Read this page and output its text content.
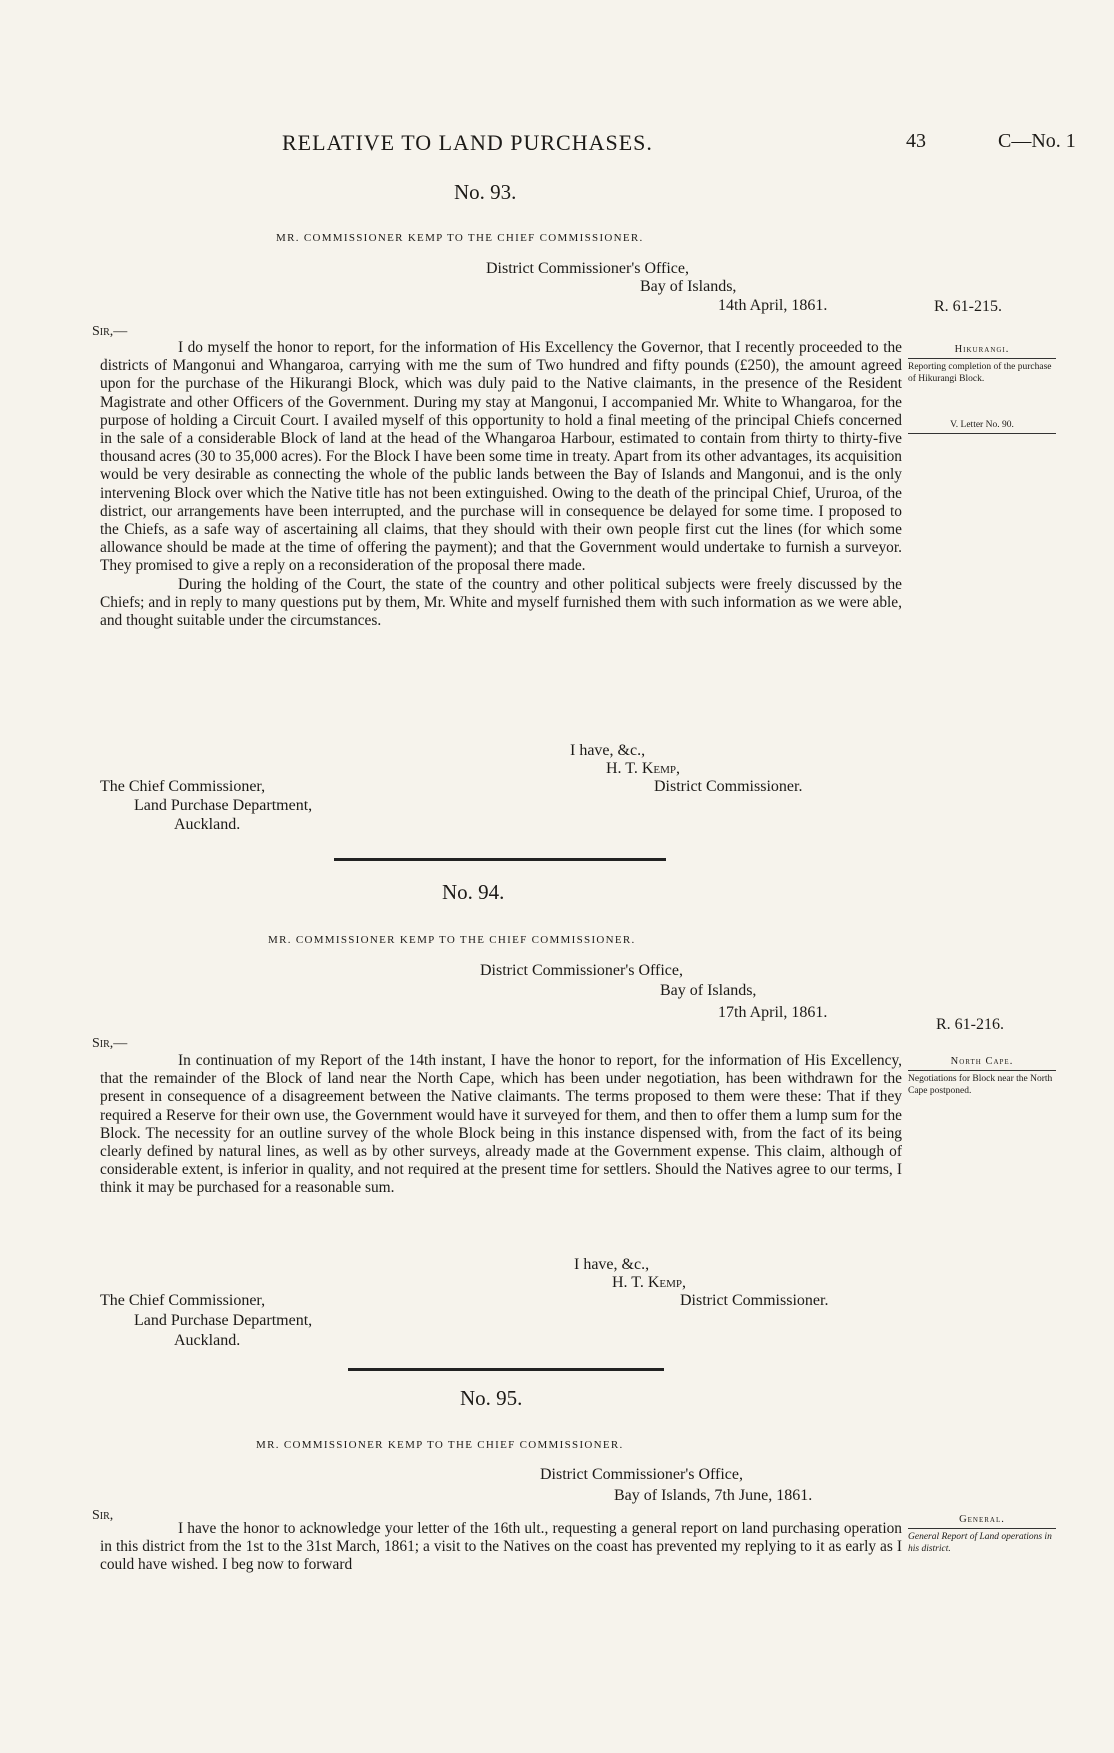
RELATIVE TO LAND PURCHASES.	43	C—No. 1
No. 93.
MR. COMMISSIONER KEMP TO THE CHIEF COMMISSIONER.
District Commissioner's Office,
Bay of Islands,
14th April, 1861.	R. 61-215.
Sir,—

I do myself the honor to report, for the information of His Excellency the Governor, that I recently proceeded to the districts of Mangonui and Whangaroa, carrying with me the sum of Two hundred and fifty pounds (£250), the amount agreed upon for the purchase of the Hikurangi Block, which was duly paid to the Native claimants, in the presence of the Resident Magistrate and other Officers of the Government. During my stay at Mangonui, I accompanied Mr. White to Whangaroa, for the purpose of holding a Circuit Court. I availed myself of this opportunity to hold a final meeting of the principal Chiefs concerned in the sale of a considerable Block of land at the head of the Whangaroa Harbour, estimated to contain from thirty to thirty-five thousand acres (30 to 35,000 acres). For the Block I have been some time in treaty. Apart from its other advantages, its acquisition would be very desirable as connecting the whole of the public lands between the Bay of Islands and Mangonui, and is the only intervening Block over which the Native title has not been extinguished. Owing to the death of the principal Chief, Ururoa, of the district, our arrangements have been interrupted, and the purchase will in consequence be delayed for some time. I proposed to the Chiefs, as a safe way of ascertaining all claims, that they should with their own people first cut the lines (for which some allowance should be made at the time of offering the payment); and that the Government would undertake to furnish a surveyor. They promised to give a reply on a reconsideration of the proposal there made.

During the holding of the Court, the state of the country and other political subjects were freely discussed by the Chiefs; and in reply to many questions put by them, Mr. White and myself furnished them with such information as we were able, and thought suitable under the circumstances.

Hikurangi.
Reporting completion of the purchase of Hikurangi Block.
V. Letter No. 90.
I have, &c.,
H. T. Kemp,
District Commissioner.
The Chief Commissioner,
Land Purchase Department,
Auckland.
No. 94.
MR. COMMISSIONER KEMP TO THE CHIEF COMMISSIONER.
District Commissioner's Office,
Bay of Islands,
17th April, 1861.
R. 61-216.
Sir,—

In continuation of my Report of the 14th instant, I have the honor to report, for the information of His Excellency, that the remainder of the Block of land near the North Cape, which has been under negotiation, has been withdrawn for the present in consequence of a disagreement between the Native claimants. The terms proposed to them were these: That if they required a Reserve for their own use, the Government would have it surveyed for them, and then to offer them a lump sum for the Block. The necessity for an outline survey of the whole Block being in this instance dispensed with, from the fact of its being clearly defined by natural lines, as well as by other surveys, already made at the Government expense. This claim, although of considerable extent, is inferior in quality, and not required at the present time for settlers. Should the Natives agree to our terms, I think it may be purchased for a reasonable sum.

North Cape.
Negotiations for Block near the North Cape postponed.
I have, &c.,
H. T. Kemp,
District Commissioner.
The Chief Commissioner,
Land Purchase Department,
Auckland.
No. 95.
MR. COMMISSIONER KEMP TO THE CHIEF COMMISSIONER.
District Commissioner's Office,
Bay of Islands, 7th June, 1861.
Sir,

I have the honor to acknowledge your letter of the 16th ult., requesting a general report on land purchasing operation in this district from the 1st to the 31st March, 1861; a visit to the Natives on the coast has prevented my replying to it as early as I could have wished. I beg now to forward

General.
General Report of Land operations in his district.
